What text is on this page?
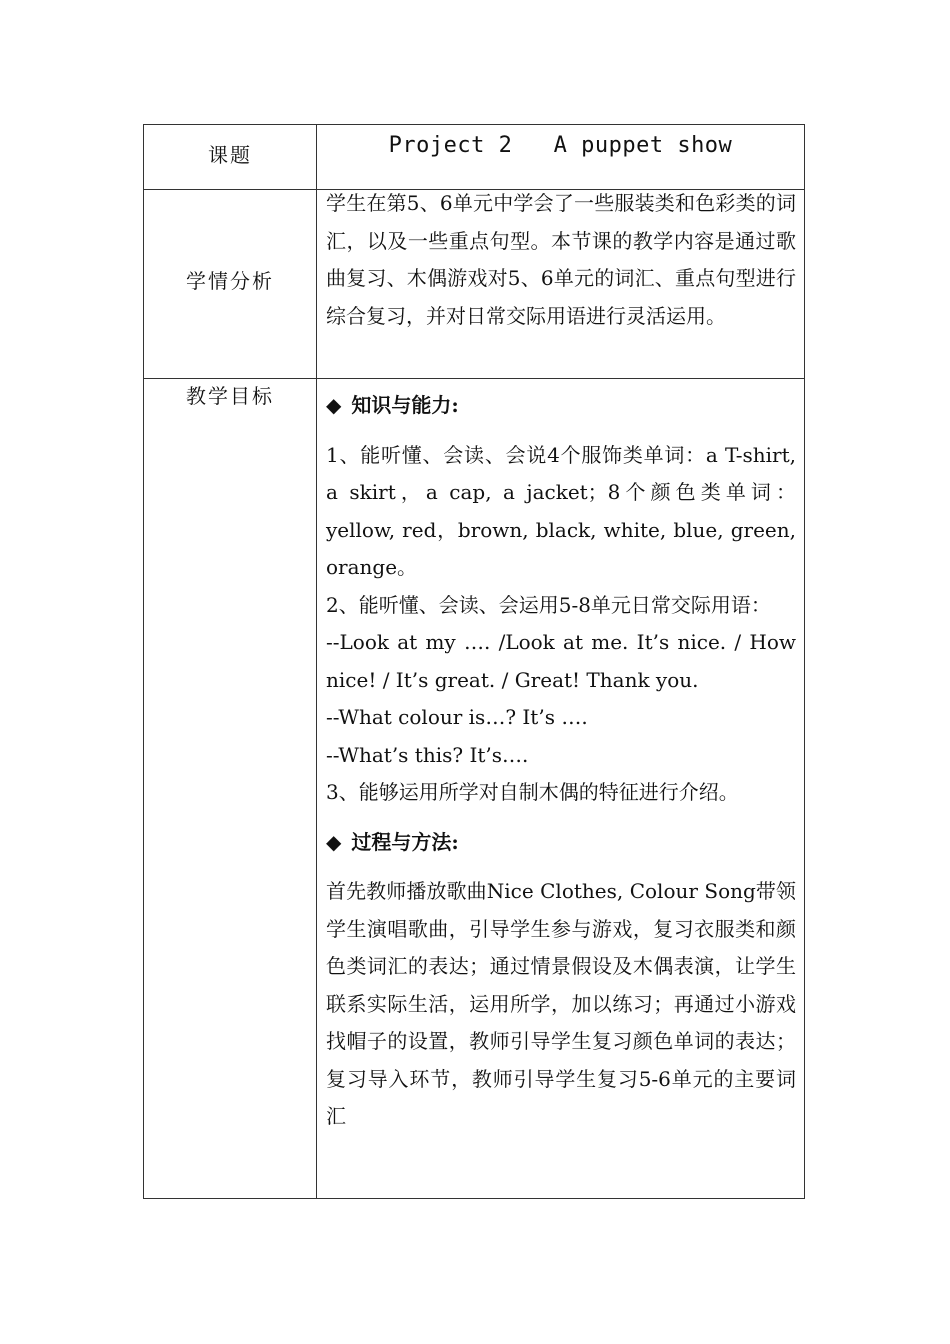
课题	Project 2   A puppet show
学情分析
学生在第5、6单元中学会了一些服装类和色彩类的词汇，以及一些重点句型。本节课的教学内容是通过歌曲复习、木偶游戏对5、6单元的词汇、重点句型进行综合复习，并对日常交际用语进行灵活运用。
教学目标	◆ 知识与能力:

1、能听懂、会读、会说4个服饰类单词：a T-shirt, a skirt，a cap, a jacket；8个颜色类单词：yellow, red，brown, black, white, blue, green, orange。

2、能听懂、会读、会运用5-8单元日常交际用语：

--Look at my …. /Look at me. It’s nice. / How nice! / It’s great. / Great! Thank you.

--What colour is…? It’s ….

--What’s this? It’s….

3、能够运用所学对自制木偶的特征进行介绍。

◆ 过程与方法:

首先教师播放歌曲Nice Clothes, Colour Song带领学生演唱歌曲，引导学生参与游戏，复习衣服类和颜色类词汇的表达；通过情景假设及木偶表演，让学生联系实际生活，运用所学，加以练习；再通过小游戏找帽子的设置，教师引导学生复习颜色单词的表达；复习导入环节，教师引导学生复习5-6单元的主要词汇
